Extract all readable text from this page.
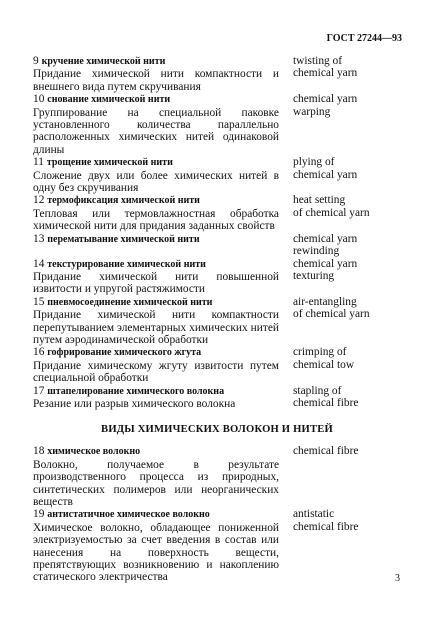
ГОСТ 27244—93
9 кручение химической нити
Придание химической нити компактности и внешнего вида путем скручивания
twisting of
chemical yarn
10 снование химической нити
Группирование на специальной паковке установленного количества параллельно расположенных химических нитей одинаковой длины
chemical yarn
warping
11 трощение химической нити
Сложение двух или более химических нитей в одну без скручивания
plying of
chemical yarn
12 термофиксация химической нити
Тепловая или термовлажностная обработка химической нити для придания заданных свойств
heat setting
of chemical yarn
13 перематывание химической нити	chemical yarn
rewinding
14 текстурирование химической нити
Придание химической нити повышенной извитости и упругой растяжимости
chemical yarn
texturing
15 пневмосоединение химической нити
Придание химической нити компактности перепутыванием элементарных химических нитей путем аэродинамической обработки
air-entangling
of chemical yarn
16 гофрирование химического жгута
Придание химическому жгуту извитости путем специальной обработки
crimping of
chemical tow
17 штапелирование химического волокна
Резание или разрыв химического волокна
stapling of
chemical fibre
ВИДЫ ХИМИЧЕСКИХ ВОЛОКОН И НИТЕЙ
18 химическое волокно
Волокно, получаемое в результате производственного процесса из природных, синтетических полимеров или неорганических веществ
chemical fibre
19 антистатичное химическое волокно
Химическое волокно, обладающее пониженной электризуемостью за счет введения в состав или нанесения на поверхность вещести, препятствующих возникновению и накоплению статического электричества
antistatic
chemical fibre
3
